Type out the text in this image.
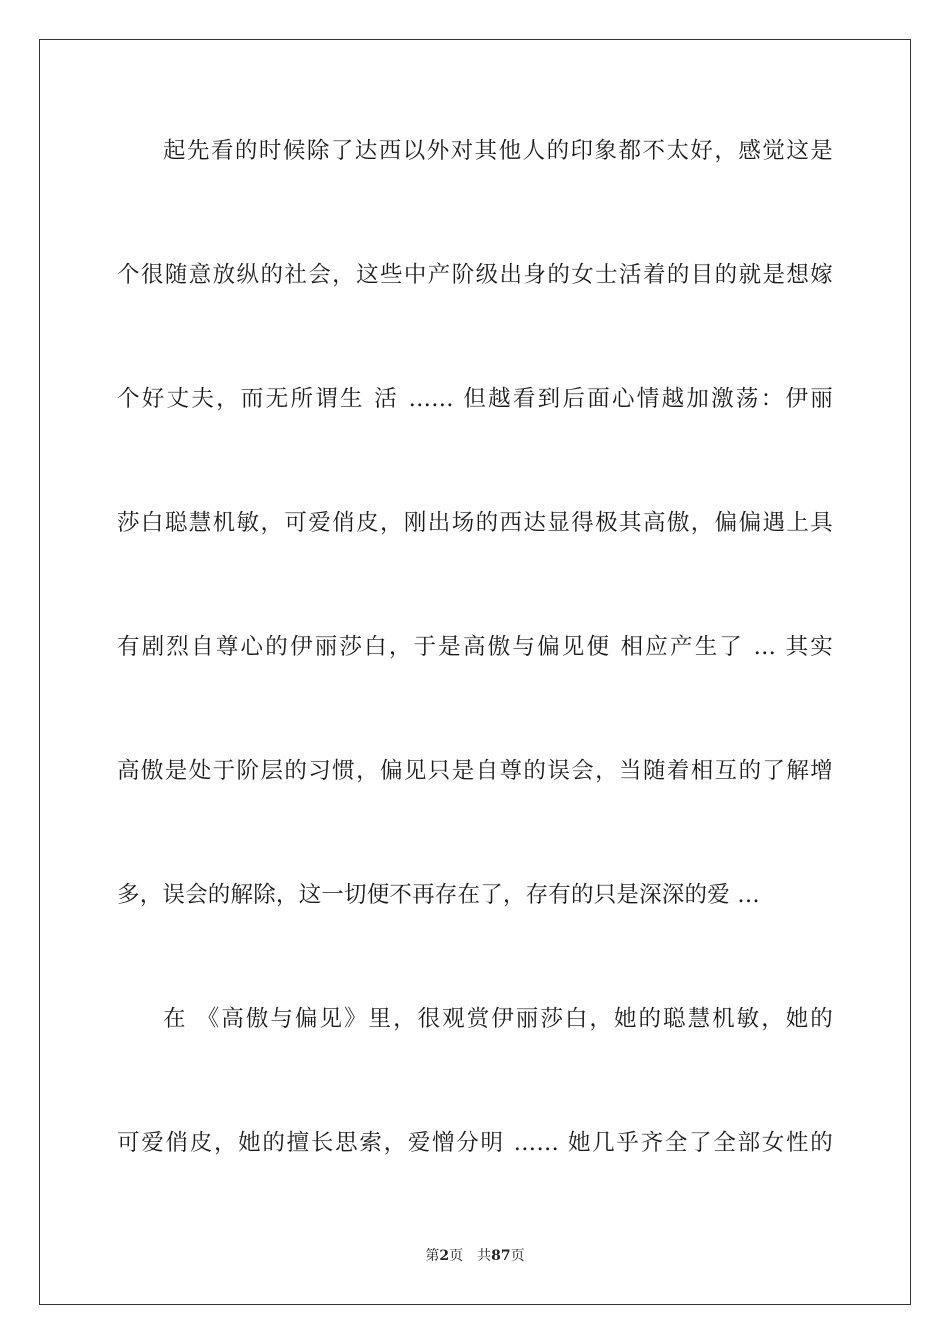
起先看的时候除了达西以外对其他人的印象都不太好，感觉这是
个很随意放纵的社会，这些中产阶级出身的女士活着的目的就是想嫁
个好丈夫，而无所谓生 活 …… 但越看到后面心情越加激荡：伊丽
莎白聪慧机敏，可爱俏皮，刚出场的西达显得极其高傲，偏偏遇上具
有剧烈自尊心的伊丽莎白，于是高傲与偏见便 相应产生了 … 其实
高傲是处于阶层的习惯，偏见只是自尊的误会，当随着相互的了解增
多，误会的解除，这一切便不再存在了，存有的只是深深的爱 …
在 《高傲与偏见》里，很观赏伊丽莎白，她的聪慧机敏，她的
可爱俏皮，她的擅长思索，爱憎分明 …… 她几乎齐全了全部女性的
第2页 共87页
